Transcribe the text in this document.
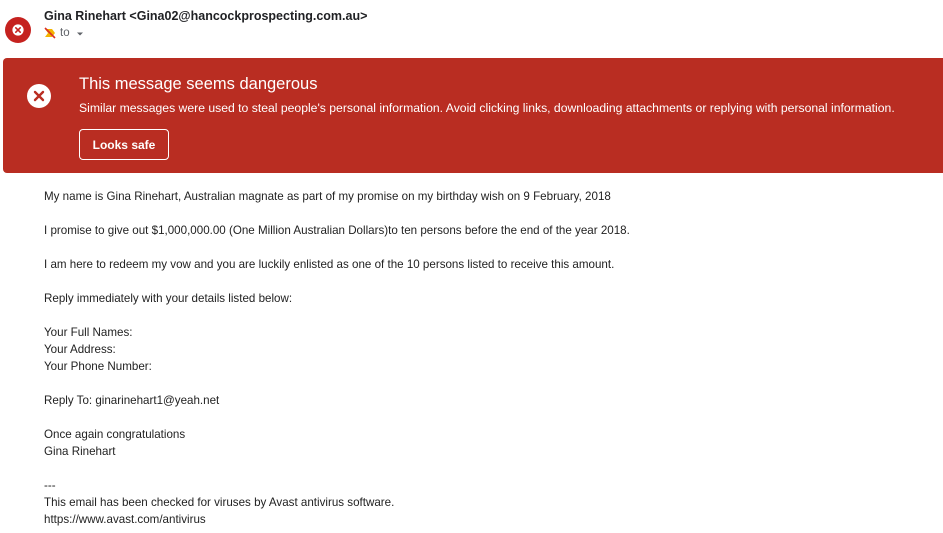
Gina Rinehart <Gina02@hancockprospecting.com.au>
to
This message seems dangerous
Similar messages were used to steal people's personal information. Avoid clicking links, downloading attachments or replying with personal information.
Looks safe

My name is Gina Rinehart, Australian magnate as part of my promise on my birthday wish on 9 February, 2018

I promise to give out $1,000,000.00 (One Million Australian Dollars)to ten persons before the end of the year 2018.

I am here to redeem my vow and you are luckily enlisted as one of the 10 persons listed to receive this amount.

Reply immediately with your details listed below:

Your Full Names:

Your Address:

Your Phone Number:

Reply To: ginarinehart1@yeah.net

Once again congratulations

Gina Rinehart

---

This email has been checked for viruses by Avast antivirus software.

https://www.avast.com/antivirus
